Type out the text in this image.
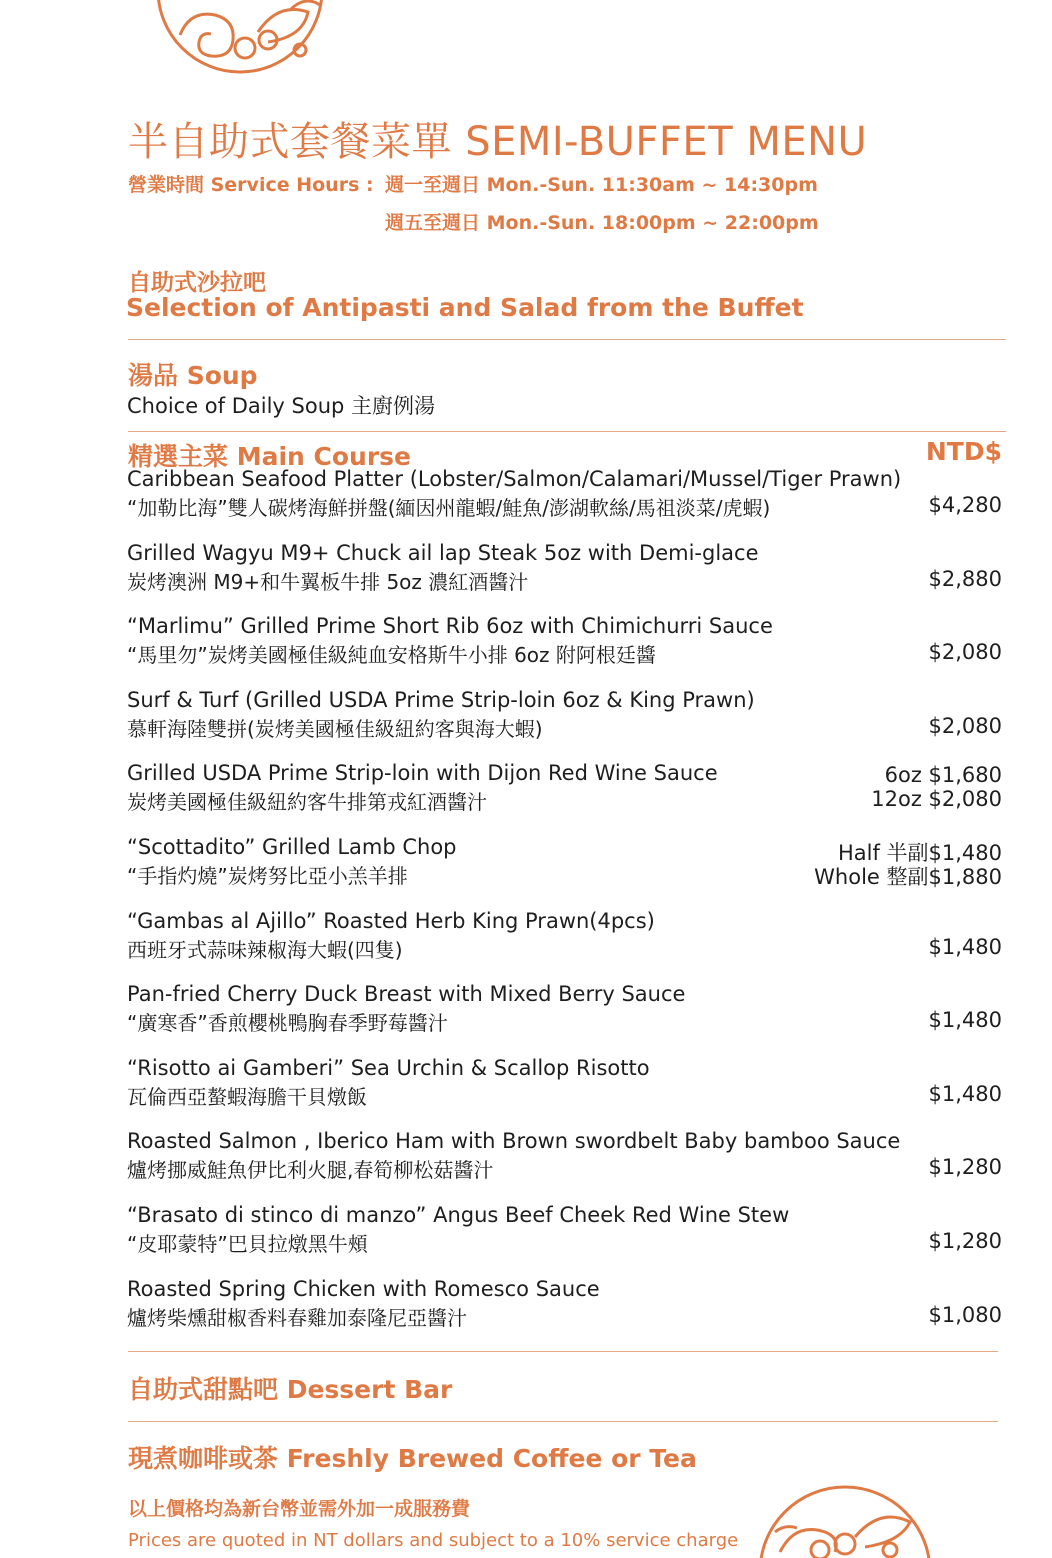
半自助式套餐菜單 SEMI-BUFFET MENU
營業時間 Service Hours : 週一至週日 Mon.-Sun. 11:30am ~ 14:30pm
週五至週日 Mon.-Sun. 18:00pm ~ 22:00pm
自助式沙拉吧
Selection of Antipasti and Salad from the Buffet
湯品 Soup
Choice of Daily Soup 主廚例湯
精選主菜 Main Course	NTD$
Caribbean Seafood Platter (Lobster/Salmon/Calamari/Mussel/Tiger Prawn)
“加勒比海”雙人碳烤海鮮拼盤(緬因州龍蝦/鮭魚/澎湖軟絲/馬祖淡菜/虎蝦)	$4,280
Grilled Wagyu M9+ Chuck ail lap Steak 5oz with Demi-glace
炭烤澳洲 M9+和牛翼板牛排 5oz 濃紅酒醬汁	$2,880
“Marlimu” Grilled Prime Short Rib 6oz with Chimichurri Sauce
“馬里勿”炭烤美國極佳級純血安格斯牛小排 6oz 附阿根廷醬	$2,080
Surf & Turf (Grilled USDA Prime Strip-loin 6oz & King Prawn)
慕軒海陸雙拼(炭烤美國極佳級紐約客與海大蝦)	$2,080
Grilled USDA Prime Strip-loin with Dijon Red Wine Sauce
炭烤美國極佳級紐約客牛排第戎紅酒醬汁
6oz $1,680
12oz $2,080
“Scottadito” Grilled Lamb Chop
“手指灼燒”炭烤努比亞小羔羊排
Half 半副$1,480
Whole 整副$1,880
“Gambas al Ajillo” Roasted Herb King Prawn(4pcs)
西班牙式蒜味辣椒海大蝦(四隻)	$1,480
Pan-fried Cherry Duck Breast with Mixed Berry Sauce
“廣寒香”香煎櫻桃鴨胸春季野莓醬汁	$1,480
“Risotto ai Gamberi” Sea Urchin & Scallop Risotto
瓦倫西亞螯蝦海膽干貝燉飯	$1,480
Roasted Salmon , Iberico Ham with Brown swordbelt Baby bamboo Sauce
爐烤挪威鮭魚伊比利火腿,春筍柳松菇醬汁	$1,280
“Brasato di stinco di manzo” Angus Beef Cheek Red Wine Stew
“皮耶蒙特”巴貝拉燉黑牛頰	$1,280
Roasted Spring Chicken with Romesco Sauce
爐烤柴燻甜椒香料春雞加泰隆尼亞醬汁	$1,080
自助式甜點吧 Dessert Bar
現煮咖啡或茶 Freshly Brewed Coffee or Tea
以上價格均為新台幣並需外加一成服務費
Prices are quoted in NT dollars and subject to a 10% service charge
